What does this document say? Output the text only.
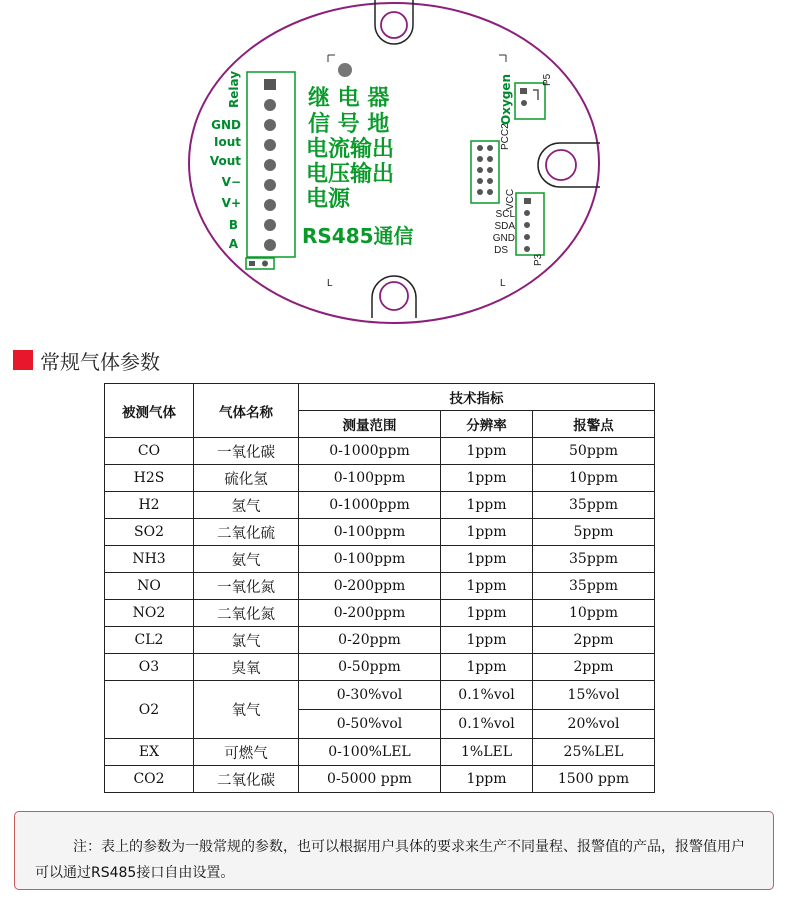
L	L
Relay
GND
Iout
Vout
V−
V+
B
A
继 电 器
信 号 地
电流输出
电压输出
电源
RS485通信
Oxygen	P5
PCC2
VCC
SCL
SDA
GND
DS
P3
常规气体参数
被测气体	气体名称	技术指标		
		测量范围	分辨率	报警点
CO	一氧化碳	0-1000ppm	1ppm	50ppm
H2S	硫化氢	0-100ppm	1ppm	10ppm
H2	氢气	0-1000ppm	1ppm	35ppm
SO2	二氧化硫	0-100ppm	1ppm	5ppm
NH3	氨气	0-100ppm	1ppm	35ppm
NO	一氧化氮	0-200ppm	1ppm	35ppm
NO2	二氧化氮	0-200ppm	1ppm	10ppm
CL2	氯气	0-20ppm	1ppm	2ppm
O3	臭氧	0-50ppm	1ppm	2ppm
O2	氧气	0-30%vol	0.1%vol	15%vol
		0-50%vol	0.1%vol	20%vol
EX	可燃气	0-100%LEL	1%LEL	25%LEL
CO2	二氧化碳	0-5000 ppm	1ppm	1500 ppm
注：表上的参数为一般常规的参数，也可以根据用户具体的要求来生产不同量程、报警值的产品，报警值用户可以通过RS485接口自由设置。
